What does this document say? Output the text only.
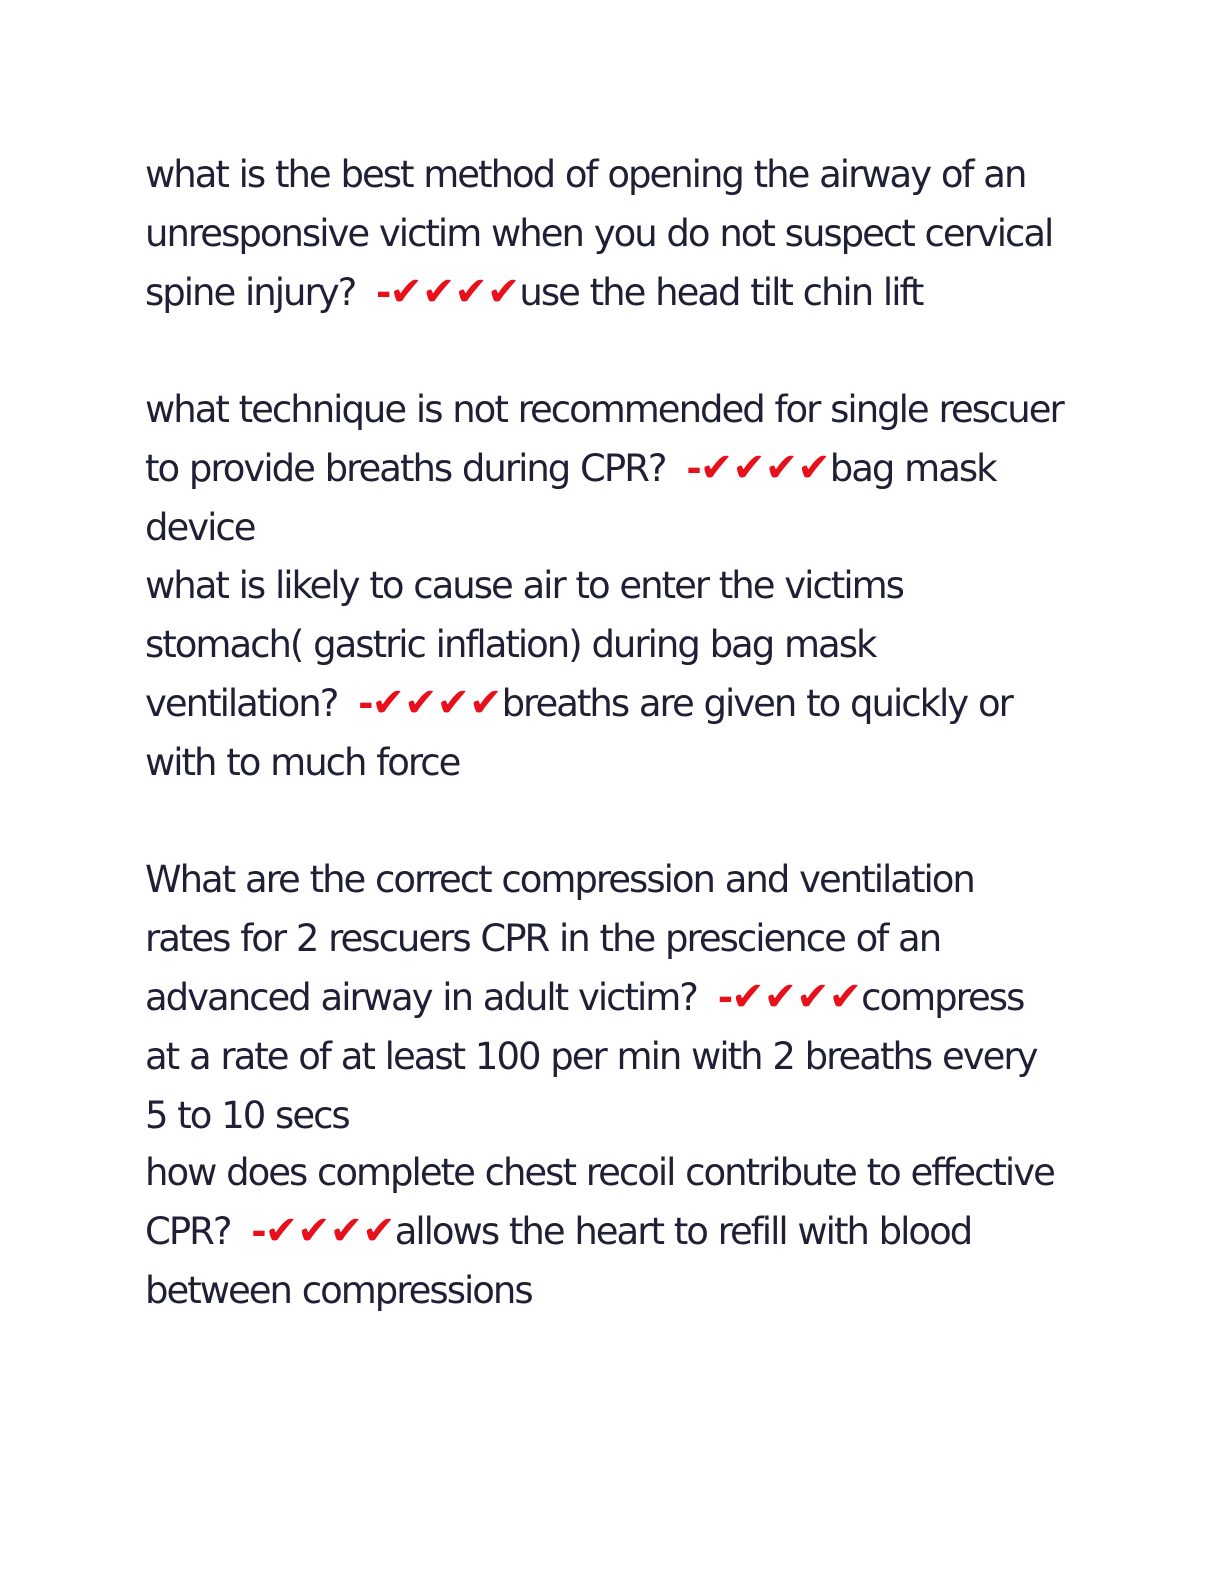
what is the best method of opening the airway of an unresponsive victim when you do not suspect cervical spine injury? -✔✔✔✔use the head tilt chin lift
what technique is not recommended for single rescuer to provide breaths during CPR? -✔✔✔✔bag mask device
what is likely to cause air to enter the victims stomach( gastric inflation) during bag mask ventilation? -✔✔✔✔breaths are given to quickly or with to much force
What are the correct compression and ventilation rates for 2 rescuers CPR in the prescience of an advanced airway in adult victim? -✔✔✔✔compress at a rate of at least 100 per min with 2 breaths every 5 to 10 secs
how does complete chest recoil contribute to effective CPR? -✔✔✔✔allows the heart to refill with blood between compressions
